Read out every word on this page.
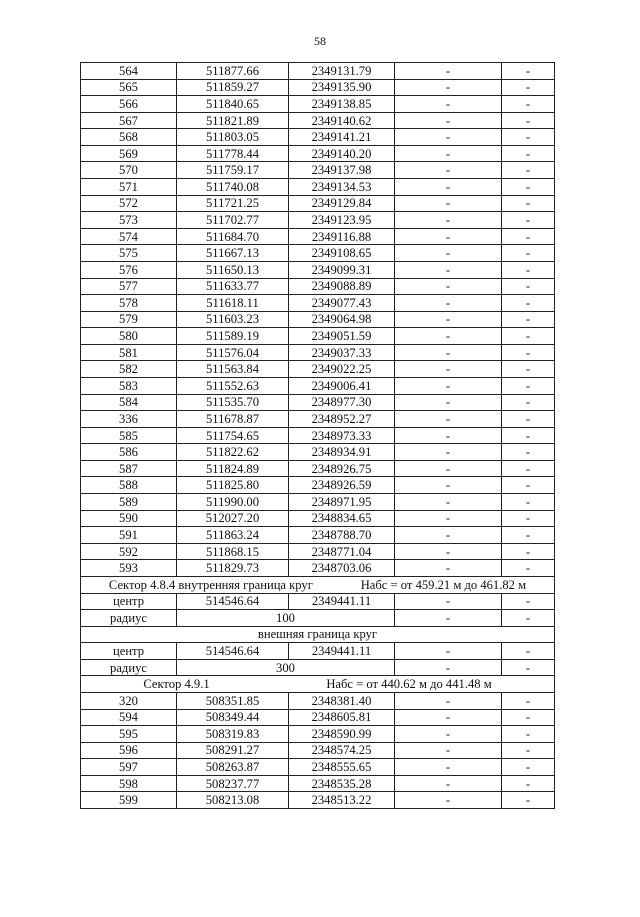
58
564	511877.66	2349131.79	-	-
565	511859.27	2349135.90	-	-
566	511840.65	2349138.85	-	-
567	511821.89	2349140.62	-	-
568	511803.05	2349141.21	-	-
569	511778.44	2349140.20	-	-
570	511759.17	2349137.98	-	-
571	511740.08	2349134.53	-	-
572	511721.25	2349129.84	-	-
573	511702.77	2349123.95	-	-
574	511684.70	2349116.88	-	-
575	511667.13	2349108.65	-	-
576	511650.13	2349099.31	-	-
577	511633.77	2349088.89	-	-
578	511618.11	2349077.43	-	-
579	511603.23	2349064.98	-	-
580	511589.19	2349051.59	-	-
581	511576.04	2349037.33	-	-
582	511563.84	2349022.25	-	-
583	511552.63	2349006.41	-	-
584	511535.70	2348977.30	-	-
336	511678.87	2348952.27	-	-
585	511754.65	2348973.33	-	-
586	511822.62	2348934.91	-	-
587	511824.89	2348926.75	-	-
588	511825.80	2348926.59	-	-
589	511990.00	2348971.95	-	-
590	512027.20	2348834.65	-	-
591	511863.24	2348788.70	-	-
592	511868.15	2348771.04	-	-
593	511829.73	2348703.06	-	-

Сектор 4.8.4 внутренняя граница круг Набс = от 459.21 м до 461.82 м				

центр	514546.64	2349441.11	-	-
радиус	100		-	-
внешняя граница круг				
центр	514546.64	2349441.11	-	-
радиус	300		-	-

Сектор 4.9.1 Набс = от 440.62 м до 441.48 м				

320	508351.85	2348381.40	-	-
594	508349.44	2348605.81	-	-
595	508319.83	2348590.99	-	-
596	508291.27	2348574.25	-	-
597	508263.87	2348555.65	-	-
598	508237.77	2348535.28	-	-
599	508213.08	2348513.22	-	-
